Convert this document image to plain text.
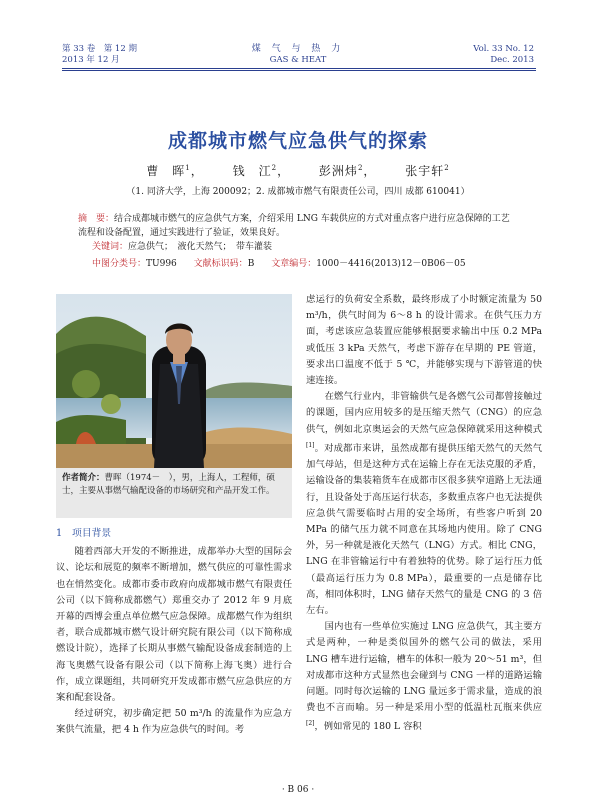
第 33 卷　第 12 期
2013 年 12 月
煤 气 与 热 力
GAS & HEAT
Vol. 33 No. 12
Dec. 2013
成都城市燃气应急供气的探索
曹　晖$^1$， 钱　江$^2$， 彭洲炜$^2$， 张宇轩$^2$
（1. 同济大学，上海 200092；2. 成都城市燃气有限责任公司，四川 成都 610041）
摘　要：结合成都城市燃气的应急供气方案，介绍采用 LNG 车载供应的方式对重点客户进行应急保障的工艺流程和设备配置，通过实践进行了验证，效果良好。
关键词：应急供气；　液化天然气；　带车灌装
中图分类号：TU996 文献标识码：B 文章编号：1000－4416(2013)12－0B06－05
作者简介：曹晖（1974－　），男，上海人，工程师，硕士，主要从事燃气输配设备的市场研究和产品开发工作。

1　项目背景

随着西部大开发的不断推进，成都举办大型的国际会议、论坛和展览的频率不断增加，燃气供应的可靠性需求也在悄然变化。成都市委市政府向成都城市燃气有限责任公司（以下简称成都燃气）郑重交办了 2012 年 9 月底开幕的西博会重点单位燃气应急保障。成都燃气作为组织者，联合成都城市燃气设计研究院有限公司（以下简称成燃设计院），选择了长期从事燃气输配设备成套制造的上海飞奥燃气设备有限公司（以下简称上海飞奥）进行合作，成立课题组，共同研究开发成都市燃气应急供应的方案和配套设备。

经过研究，初步确定把 50 m³/h 的流量作为应急方案供气流量，把 4 h 作为应急供气的时间。考

虑运行的负荷安全系数，最终形成了小时额定流量为 50 m³/h，供气时间为 6～8 h 的设计需求。在供气压力方面，考虑该应急装置应能够根据要求输出中压 0.2 MPa 或低压 3 kPa 天然气，考虑下游存在早期的 PE 管道，要求出口温度不低于 5 ℃，并能够实现与下游管道的快速连接。

在燃气行业内，非管输供气是各燃气公司都曾接触过的课题，国内应用较多的是压缩天然气（CNG）的应急供气，例如北京奥运会的天然气应急保障就采用这种模式[1]。对成都市来讲，虽然成都有提供压缩天然气的天然气加气母站，但是这种方式在运输上存在无法克服的矛盾，运输设备的集装箱货车在成都市区很多狭窄道路上无法通行，且设备处于高压运行状态，多数重点客户也无法提供应急供气需要临时占用的安全场所，有些客户听到 20 MPa 的储气压力就不同意在其场地内使用。除了 CNG 外，另一种就是液化天然气（LNG）方式。相比 CNG，LNG 在非管输运行中有着独特的优势。除了运行压力低（最高运行压力为 0.8 MPa），最重要的一点是储存比高，相同体积时，LNG 储存天然气的量是 CNG 的 3 倍左右。

国内也有一些单位实施过 LNG 应急供气，其主要方式是两种，一种是类似国外的燃气公司的做法，采用 LNG 槽车进行运输，槽车的体积一般为 20～51 m³，但对成都市这种方式显然也会碰到与 CNG 一样的道路运输问题。同时每次运输的 LNG 量远多于需求量，造成的浪费也不言而喻。另一种是采用小型的低温杜瓦瓶来供应[2]，例如常见的 180 L 容积

· B 06 ·
